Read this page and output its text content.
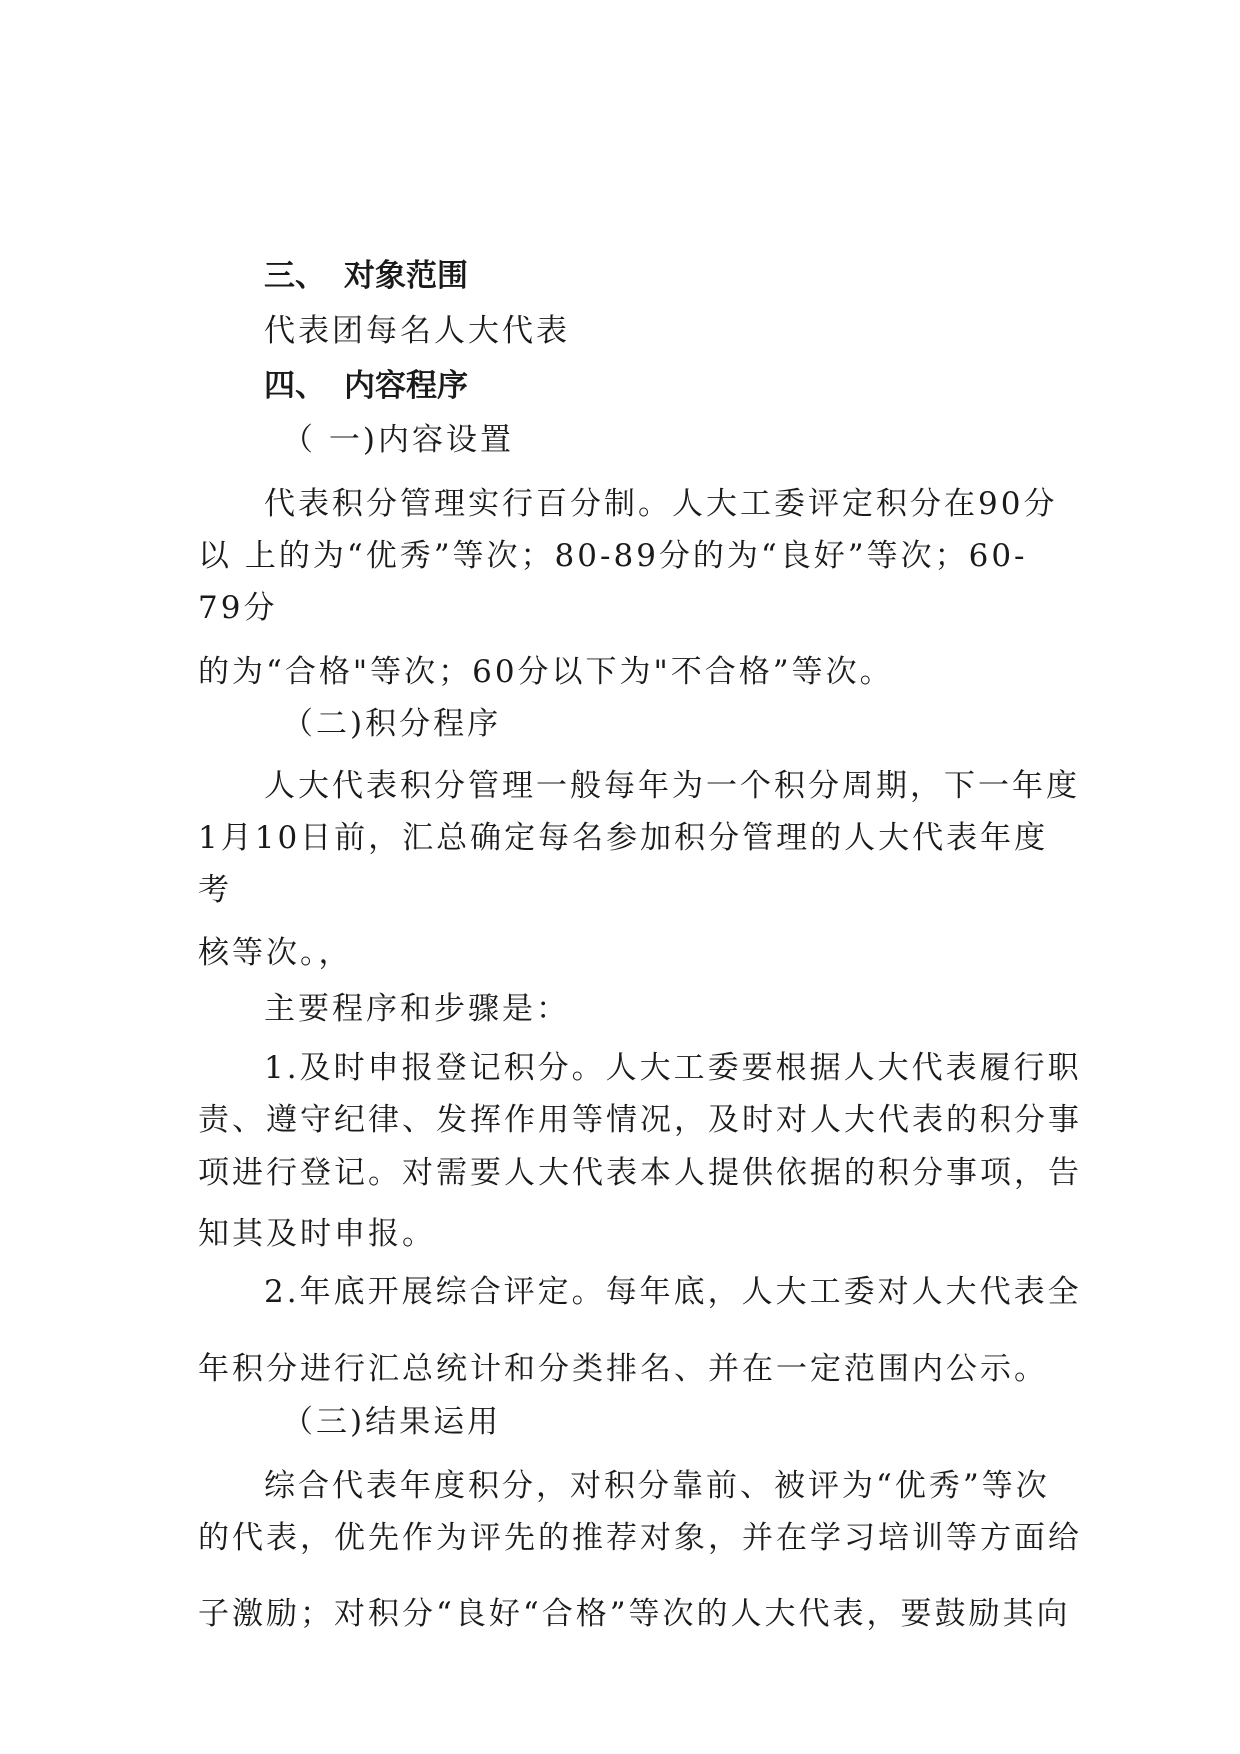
三、 对象范围
代表团每名人大代表
四、 内容程序
（ 一)内容设置
代表积分管理实行百分制。人大工委评定积分在90分
以 上的为“优秀”等次；80-89分的为“良好”等次；60-
79分
的为“合格"等次；60分以下为"不合格”等次。
（二)积分程序
人大代表积分管理一般每年为一个积分周期，下一年度
1月10日前，汇总确定每名参加积分管理的人大代表年度
考
核等次。，
主要程序和步骤是：
1.及时申报登记积分。人大工委要根据人大代表履行职
责、遵守纪律、发挥作用等情况，及时对人大代表的积分事
项进行登记。对需要人大代表本人提供依据的积分事项，告
知其及时申报。
2.年底开展综合评定。每年底，人大工委对人大代表全
年积分进行汇总统计和分类排名、并在一定范围内公示。
（三)结果运用
综合代表年度积分，对积分靠前、被评为“优秀”等次
的代表，优先作为评先的推荐对象，并在学习培训等方面给
子激励；对积分“良好“合格”等次的人大代表，要鼓励其向
